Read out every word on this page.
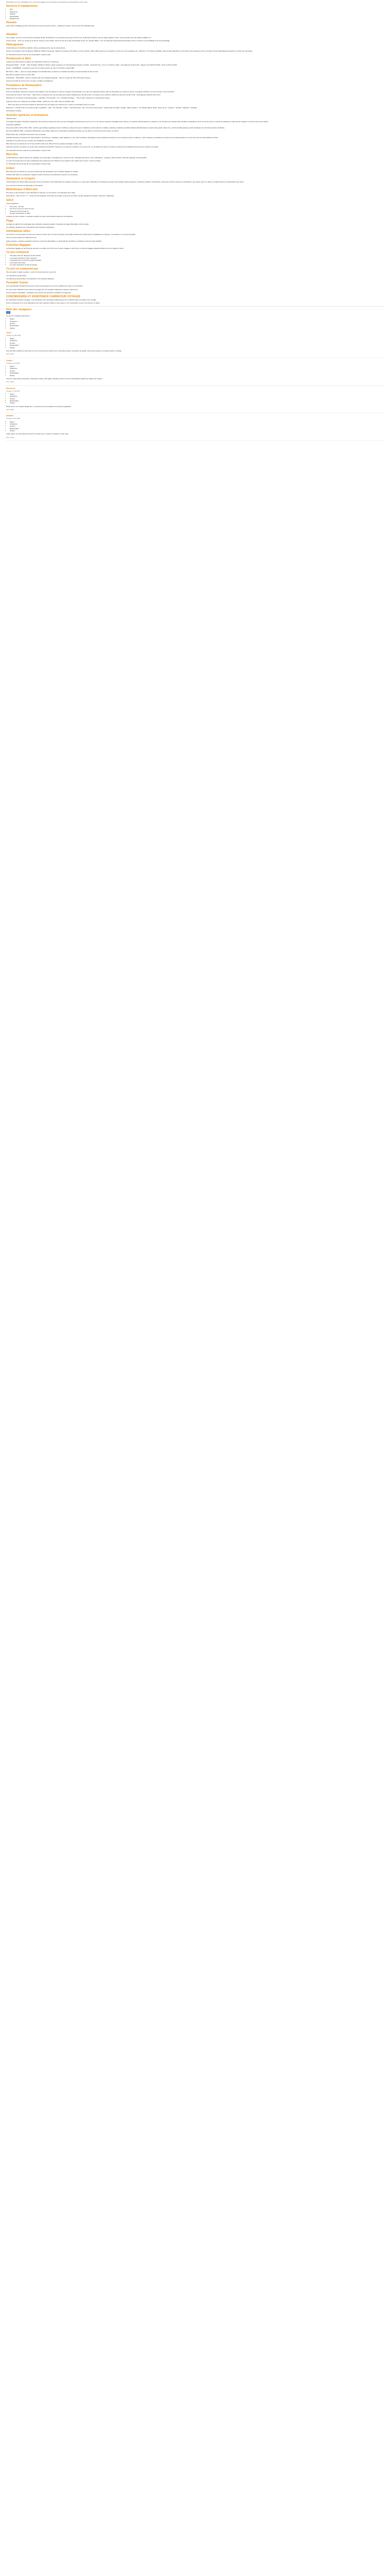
Description Cu-une compagnie) l'Ce y ans la compagnie Les Formateurs Concessions Leur Expérience Avec Cette

Services et équipements
• Wifi
• Ergonomie
• Parking
• Climatisation
• Équipements
Résumé

Entre étoile le Belgique groupe "Ressources qui plus de gérer l'univers - à Monsieur Gauvin, tous au bord de la Méditerranée

Situation

Sur la plage, au cœur de la commune historique Dérôle de Monastir et à proximité de plus gré de 20 Km au, El Monastir Gavoua, tenu de régions agréés mélés, nous accueille avec des séjours d'ailleurs en.

Centre le bleu. : Tous vos contes de la ville de Sousse et du médias, 15 km du cas de la ville de Monastir 16 km une superbe Ribes, 7 km de l'Aéroport International de Monastir, 15 km et 120 km à tout d'Habitat et de Tunis-Carthage

Hébergement

L'hôtel dispose de chambres doubles, triples, quadruples ainsi que de suites juniors.

Toutes nos chambres sont climatisées (15/06 au 15/10) et la grande majorité sont dotées d'un balcon ou d'une terrasse. Elles offrent aussi une vue jardin ou côté mer et sont équipées de : téléphone, TV (chaînes satellite), salle de bains (téléphone à immersion selon saisons) et d'un mini-frigo. Service blanchisserie (payant). Un bébé (sur demande).

Un Protestant Annuel à l'eau fin sur présentation / bureau suite

Restaurants & Bars

L'hôtel vous offre plusieurs espaces de restauration intérieurs et extérieurs :

Restaurant Buffet - "CLUB" - salle climatisée (15/06 au 15/10), cuisine tunisienne et internationale proposée en buffet - Jusqu'à 8 mixt : sur le cm à thème, buffet - petit déjeuner de 06 à 10h - déjeuner de 12h30 à 14h30 - dîner de 19h à 21h30.

Snack - CASERONE - restaurant ouvert sur la terrasse piscine de 11h à 17h (selon météo) MEC.

Bar Sana « UEC » - avec sa sympa partage sur la Méditerranée, boissons et cocktails alcoolisés et sans alcoolisés de 9h à minuit.

Bar Piscine Galerie ouvert de 10h à 18h.

Café Maure - PAOLINETI - dans le véranda café sur le Narguilé (payant)... dans le courant de 10h à 23h (selon saison).

Service de buffet 24 à 10 (ou 24 / 41 selon conditions climatiques)

Prestations de Restauration

Séjour proposé en Tout Inclus

Sous les prestations (boissons, boissons accessibles et non alcoolisées et café de marques internationales, les 1 par nos restaurants places dans la ville gratuit ou le pack de sortie.) et quelques activités comme la formule "Jour ensemble".

Concernant la formule "Tout Inclus" : table Heure et boissons aux sont les plats servis dans l'établissement de 10h à 16h - les repas sont en 24/24 en buffet Aux alentours de 8h et 16h - Petit déjeuner tardif de 10h à 11h.

Boissons 24 / 24 (selon la période) gratuites - Café Bar / The Nescafé - Jus - cocktails alcoolisés ... Thé et Café - Boissons non alcoolisées locales

Snack de 11h à 17h / Déjeuner de 12h30 à 14h30 - Goûter de 17h à 18h / Dîner de 19h30 à 21h.

... Dîner à la carte une fois par semaine de 19h à 21h pour les séjours de minimum de 7 nuits sur réservation (selon le menu).

Boissons 0 : à partir de 9h à sa minuit et plein e gratifiées - Café - The Nescafé - Tisane - Chocolat chaud - Lait - Jus de fruit (concentré) - Sodas (cola, limonade, orange) - Bière pression - Vin (Rouge, Blanc, Rosé) - Eaux de vie - Liqueurs - Apéritifs - Digestifs - Cocktails.

(10 boissons locales)

Activités sportives et Animations

Infrastructures

Une plage aménagée (Transats et parasols), deux piscines extérieures dont une avec toboggans (fonctionnant de 10 h à 17 h), une piscine intérieure (chauffée selon saison), une piscine enfants (piscine en bassins et de mini-jeux) (en fonction des conditions climatiques), deux courts de tennis, un terrain de pétanque et parcours de minigolf, une aire de jeux pour enfants.

Animations gratuites

En journée (10h à 13h et 15h à 18h) : aérobic, gymnastique aquatique (selon conditions), water-polo (selon conditions), tennis (vitesse en balles), pétanque (matériel), activités ludiques (fléchettes/jeux), beach volley (selon météo etc.), tennis de table (payant), sports nautiques non motorisés (selon conditions).

En soirée (20h30 à 23h) : spectacles folkloriques et de cabaret (fait), jeux et animations interactives (bingo, jeux de danse, concours) (tous les jours), en saison.

Beach Party (été, et 21h30 à 22 heures et par semaine)

Activités sportives à l'extérieur de l'hôtel (payant) : golf 18 trous, équitation, quad, balades en mer, selon conditions climatiques, sports nautiques motorisés et non motorisés (selon conditions) - ports nautiques et activités de l'extérieur sont indépendantes et ne sont pas sous la responsabilité de l'hôtel.

Animations ne jouent lieu si le nombre de maritalistes est suffisant

Mini-club pour les enfants de 4 à 12 ans de 10h à 12h et de 15h à 17h sous espace aménagé en effet, tous

Attentions (pensez à prendre une seule pièce d'identité par famille 6 nouvelles et ne pas être contrôlés, à nos 10 au 25 : les conditions de tenue et la durée d'ouverture de l'établissement) peut des enfants à la charge.

Un Protestant Annuel à l'eau fin sur présentation / bureau suite

Bien-être

L'hôtel dispose de quatre cabines de massage, avec gommage, enveloppement, soins du corps, massage aux pierres, soins esthétiques... (payant), salle de fitness, hammam (gratuit), sauna (gratuit).

Le soins de beauté (lieux de soins esthétiques) de la partie hors de l'hôtel par une exigence des maîtres d'un service, soins du visage...

Un Protestant Annuel à l'eau fin sur présentation / bureau suite

Enfant

Mini-club pour les enfants (4 à 12 ans) encadré par des animateurs, jeux, activités ludiques et créatifs.

Chaise haute dans les restaurants, baignoire bébé et lit bébé sur demande (à réserver à la réception)

Séminaires et Congrès

L'hôtel dispose de quatre salles de réunion dont une plénière, de 8 à 400 places de capacité maximum en mode carré, disposition de l'équipement audio-visuel adapté (vidéo-projecteur, ordinateur portable, sonorisation), mais fourni aussi le service de restauration, des pauses café, les salles et matériel restent à la disposition des clients.

Une connexion Internet est disponible à la réception.

Bibliothèque et Bien-être

Des livres et des journaux à votre disposition à l'accueil, un coin lecture, une télévision avec salon.

Informations : 24h / 24, du 7 / 7 - Accès Internet (payant), Wi-Fi dans les parties communes de l'hôtel, Laverie (payante), boutique, coffre-fort, distributeur.

GOLF

Pour les golfeurs :

• Par excès - 18 trous
• Par 72 (à 1 km) et en bord de mer
• Parcours de 9 trous par 27
• de golfs du Monastir en 2007

Location de clubs, chariot et voiturette possible sur place (informations auprès de la réception)

Plage

La plage de sable fin est aménagée avec transats et parasols gratuits. Serviettes de plage disponibles contre caution.

Les activités nautiques (non motorisées) sont proposées (payantes).

Informations utiles

Les check-in se font à partir de 14h et les check-out avant 12h. Une taxe de séjour est à régler directement à l'hôtel (selon la législation en vigueur). Les animaux ne sont pas acceptés.

Tenue correcte exigée au restaurant le soir.

Selon la saison, certaines prestations peuvent ne pas être disponibles. Le descriptif des chambres et activités est donné à titre indicatif.

Franchise Bagages

La franchise bagage est de 15 kg par personne, au-delà, merci d'en tenir compte; bagage à main 5 kg. Les frais de bagage supplémentaires sont à la charge du client.

Ce prix comprend
• Vols aller-retour au départ de la ville choisie
• Le transport aéroport / hôtel / aéroport
• L'hébergement en chambre double standard
• La formule Tout Inclus
• Les taxes d'aéroport et frais de dossier
Ce prix ne comprend pas

Taxe de séjour à régler sur place : environ 2 € par personne et par nuit.

Les assurances optionnelles.

Les dépenses personnelles, les pourboires et les activités payantes.

Formalité Tunisie

Les ressortissants français doivent être munis d'un passeport en cours de validité pour entrer sur le territoire.

Ou d'une carte d'identité et d'un carnet de voyage pour les voyages organisés en groupe uniquement.

Pour les autres nationalités, renseignez-vous auprès des autorités consulaires compétentes.

CONCIERGERIE ET ASSISTANCE CARREFOUR VOYAGES

En choisissant Carrefour Voyages, vous bénéficiez d'une assistance téléphonique 7j/7 et 24h/24 avant et pendant votre voyage.

Notre conciergerie est à votre disposition pour toute question relative à votre séjour, à vos réservations ou pour tout besoin sur place.

Note des voyageurs

4/6

Ce que les voyageurs apprécient :

• Séjour
• Chambres
• Service
• Restauration
• Piscine
Julien

Voyagé en juillet 2023

• Séjour
• Chambres
• Service
• Restauration
• Piscine

Très bel hôtel, idéalement situé face à la mer. Personnel aux petits soins, chambres propres, animation de qualité. Nous avons passé un excellent séjour en famille.

Avis vérifié

Sophie

Voyagé en juin 2023

• Séjour
• Chambres
• Service
• Restauration
• Piscine

Très bon séjour dans l'ensemble, restauration variée, belle plage. Quelques petits soucis de climatisation rapidement réglés par l'équipe.

Avis vérifié

Mohamed

Voyagé en mai 2023

• Séjour
• Chambres
• Service
• Restauration
• Piscine

Hôtel correct, bon rapport qualité prix. Le personnel est accueillant et les piscines agréables.

Avis vérifié

Nathalie

Voyagé en avril 2023

• Séjour
• Chambres
• Service
• Restauration
• Piscine

Super séjour, je recommande vivement cet hôtel pour un séjour en famille ou entre amis.

Avis vérifié
